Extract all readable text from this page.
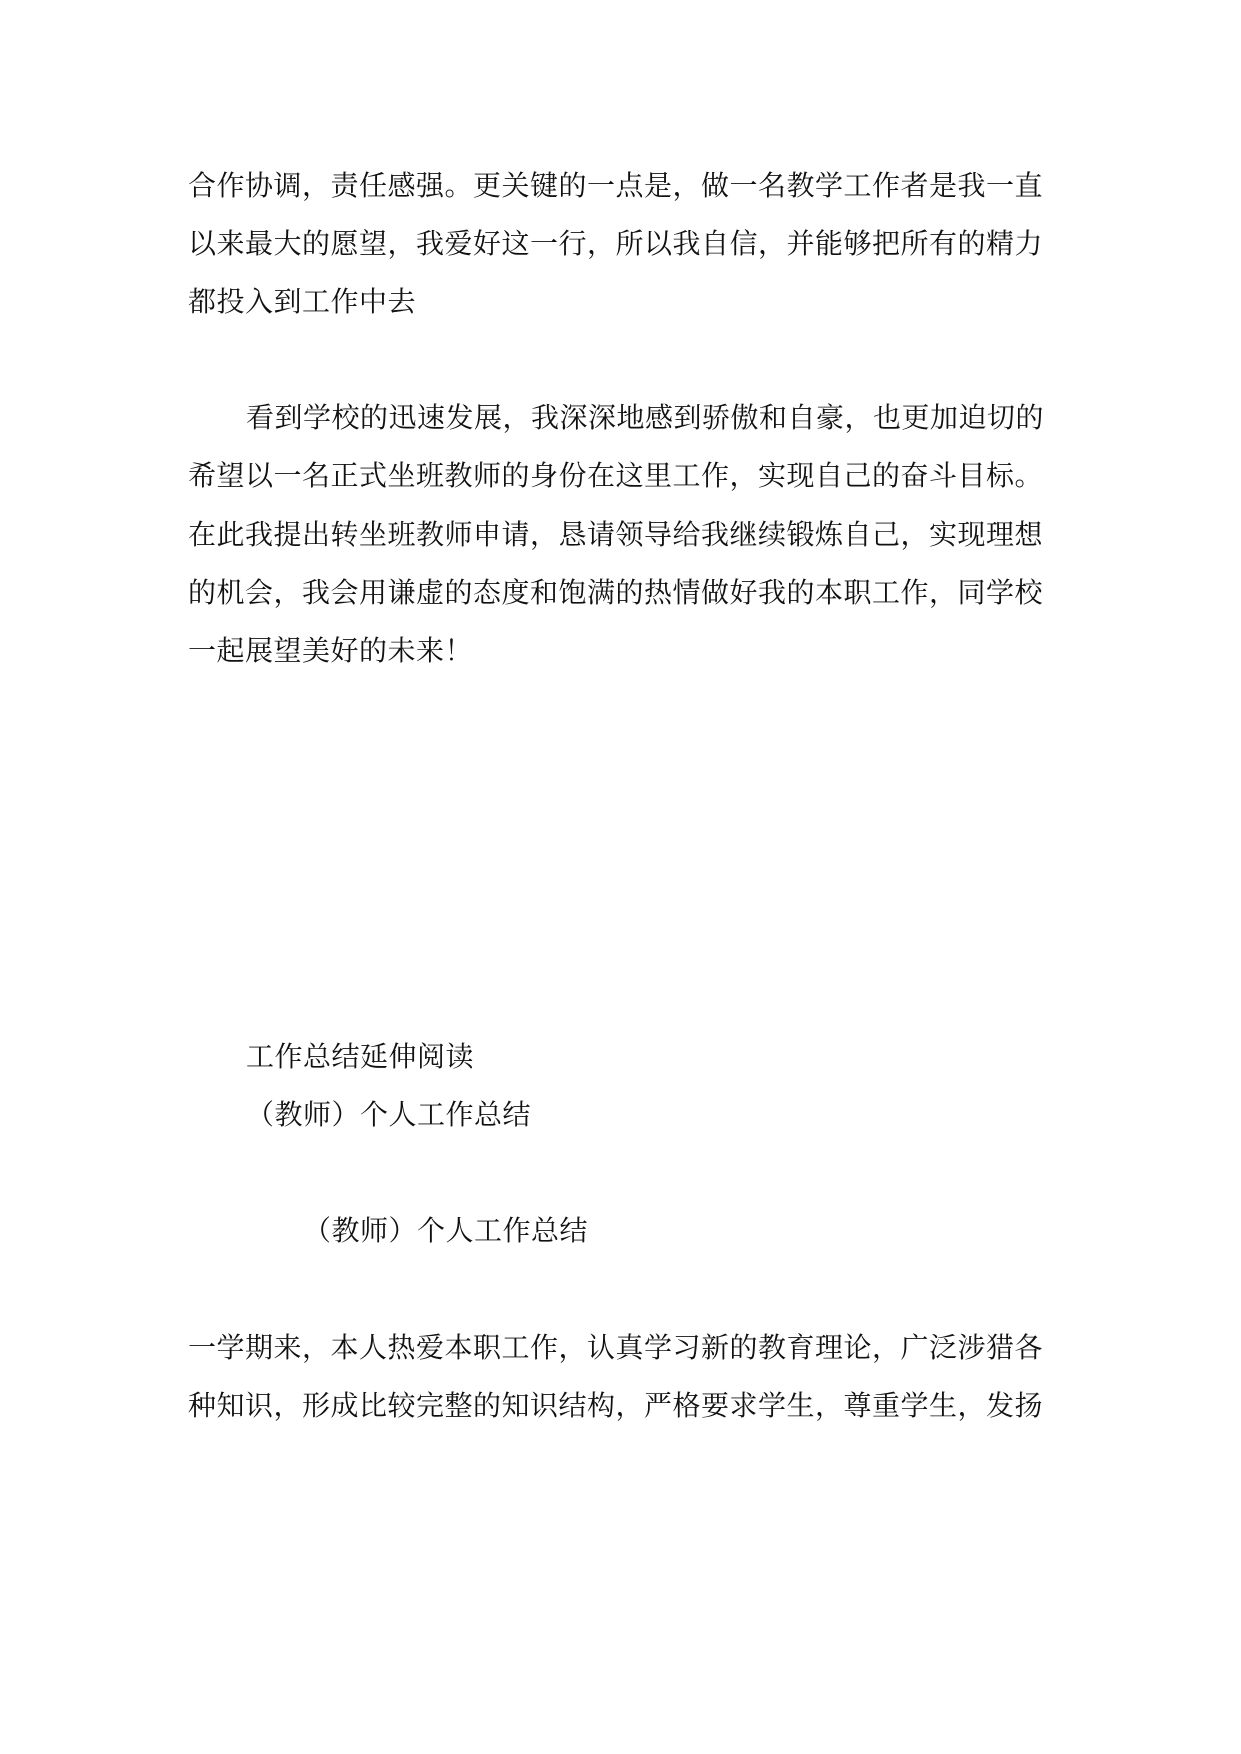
合作协调，责任感强。更关键的一点是，做一名教学工作者是我一直
以来最大的愿望，我爱好这一行，所以我自信，并能够把所有的精力
都投入到工作中去
看到学校的迅速发展，我深深地感到骄傲和自豪，也更加迫切的
希望以一名正式坐班教师的身份在这里工作，实现自己的奋斗目标。
在此我提出转坐班教师申请，恳请领导给我继续锻炼自己，实现理想
的机会，我会用谦虚的态度和饱满的热情做好我的本职工作，同学校
一起展望美好的未来！
工作总结延伸阅读
（教师）个人工作总结
（教师）个人工作总结
一学期来，本人热爱本职工作，认真学习新的教育理论，广泛涉猎各
种知识，形成比较完整的知识结构，严格要求学生，尊重学生，发扬
